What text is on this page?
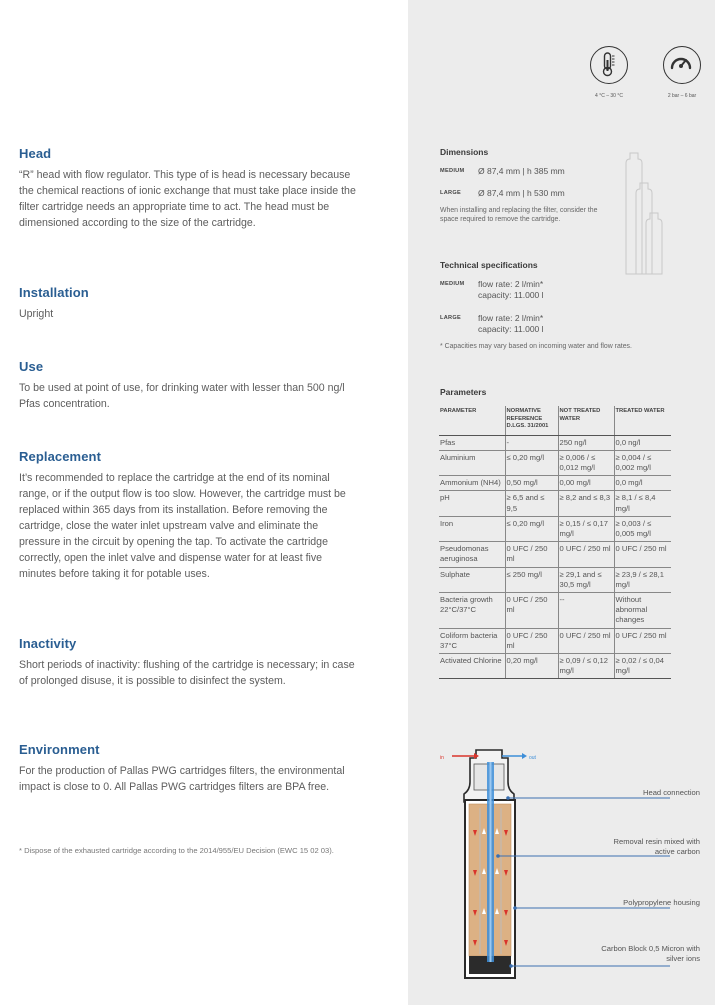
Head

“R” head with flow regulator. This type of is head is necessary because the chemical reactions of ionic exchange that must take place inside the filter cartridge needs an appropriate time to act. The head must be dimensioned according to the size of the cartridge.

Installation

Upright

Use

To be used at point of use, for drinking water with lesser than 500 ng/l Pfas concentration.

Replacement

It’s recommended to replace the cartridge at the end of its nominal range, or if the output flow is too slow. However, the cartridge must be replaced within 365 days from its installation. Before removing the cartridge, close the water inlet upstream valve and eliminate the pressure in the circuit by opening the tap. To activate the cartridge correctly, open the inlet valve and dispense water for at least five minutes before taking it for potable uses.

Inactivity

Short periods of inactivity: flushing of the cartridge is necessary; in case of prolonged disuse, it is possible to disinfect the system.

Environment

For the production of Pallas PWG cartridges filters, the environmental impact is close to 0. All Pallas PWG cartridges filters are BPA free.

* Dispose of the exhausted cartridge according to the 2014/955/EU Decision (EWC 15 02 03).
4 °C – 30 °C	2 bar – 6 bar
Dimensions
MEDIUM Ø 87,4 mm | h 385 mm
LARGE Ø 87,4 mm | h 530 mm
When installing and replacing the filter, consider the space required to remove the cartridge.
Technical specifications
MEDIUM flow rate: 2 l/min*
capacity: 11.000 l
LARGE flow rate: 2 l/min*
capacity: 11.000 l
* Capacities may vary based on incoming water and flow rates.
Parameters
PARAMETER	NORMATIVE REFERENCE D.LGS. 31/2001	NOT TREATED WATER	TREATED WATER
Pfas	-	250 ng/l	0,0 ng/l
Aluminium	≤ 0,20 mg/l	≥ 0,006 / ≤ 0,012 mg/l	≥ 0,004 / ≤ 0,002 mg/l
Ammonium (NH4)	0,50 mg/l	0,00 mg/l	0,0 mg/l
pH	≥ 6,5 and ≤ 9,5	≥ 8,2 and ≤ 8,3	≥ 8,1 / ≤ 8,4 mg/l
Iron	≤ 0,20 mg/l	≥ 0,15 / ≤ 0,17 mg/l	≥ 0,003 / ≤ 0,005 mg/l
Pseudomonas aeruginosa	0 UFC / 250 ml	0 UFC / 250 ml	0 UFC / 250 ml
Sulphate	≤ 250 mg/l	≥ 29,1 and ≤ 30,5 mg/l	≥ 23,9 / ≤ 28,1 mg/l
Bacteria growth 22°C/37°C	0 UFC / 250 ml	--	Without abnormal changes
Coliform bacteria 37°C	0 UFC / 250 ml	0 UFC / 250 ml	0 UFC / 250 ml
Activated Chlorine	0,20 mg/l	≥ 0,09 / ≤ 0,12 mg/l	≥ 0,02 / ≤ 0,04 mg/l
in	out
Head connection
Removal resin mixed with active carbon
Polypropylene housing
Carbon Block 0,5 Micron with silver ions
